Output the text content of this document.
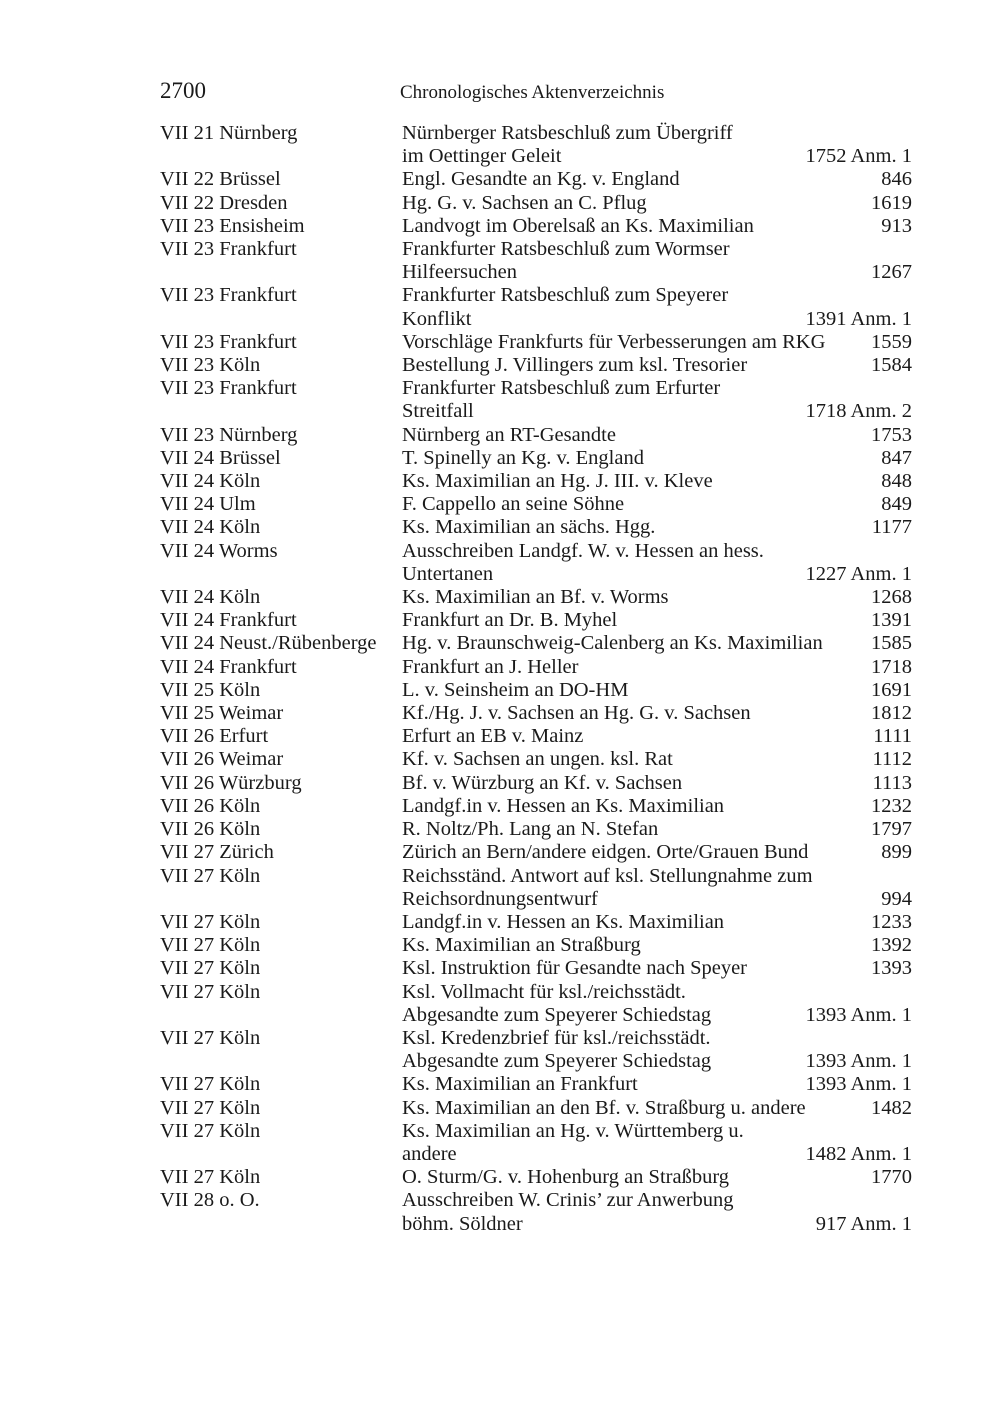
2700	Chronologisches Aktenverzeichnis
VII 21 Nürnberg	Nürnberger Ratsbeschluß zum Übergriff
im Oettinger Geleit	1752 Anm. 1
VII 22 Brüssel	Engl. Gesandte an Kg. v. England	846
VII 22 Dresden	Hg. G. v. Sachsen an C. Pflug	1619
VII 23 Ensisheim	Landvogt im Oberelsaß an Ks. Maximilian	913
VII 23 Frankfurt	Frankfurter Ratsbeschluß zum Wormser
Hilfeersuchen	1267
VII 23 Frankfurt	Frankfurter Ratsbeschluß zum Speyerer
Konflikt	1391 Anm. 1
VII 23 Frankfurt	Vorschläge Frankfurts für Verbesserungen am RKG	1559
VII 23 Köln	Bestellung J. Villingers zum ksl. Tresorier	1584
VII 23 Frankfurt	Frankfurter Ratsbeschluß zum Erfurter
Streitfall	1718 Anm. 2
VII 23 Nürnberg	Nürnberg an RT-Gesandte	1753
VII 24 Brüssel	T. Spinelly an Kg. v. England	847
VII 24 Köln	Ks. Maximilian an Hg. J. III. v. Kleve	848
VII 24 Ulm	F. Cappello an seine Söhne	849
VII 24 Köln	Ks. Maximilian an sächs. Hgg.	1177
VII 24 Worms	Ausschreiben Landgf. W. v. Hessen an hess.
Untertanen	1227 Anm. 1
VII 24 Köln	Ks. Maximilian an Bf. v. Worms	1268
VII 24 Frankfurt	Frankfurt an Dr. B. Myhel	1391
VII 24 Neust./Rübenberge	Hg. v. Braunschweig-Calenberg an Ks. Maximilian	1585
VII 24 Frankfurt	Frankfurt an J. Heller	1718
VII 25 Köln	L. v. Seinsheim an DO-HM	1691
VII 25 Weimar	Kf./Hg. J. v. Sachsen an Hg. G. v. Sachsen	1812
VII 26 Erfurt	Erfurt an EB v. Mainz	1111
VII 26 Weimar	Kf. v. Sachsen an ungen. ksl. Rat	1112
VII 26 Würzburg	Bf. v. Würzburg an Kf. v. Sachsen	1113
VII 26 Köln	Landgf.in v. Hessen an Ks. Maximilian	1232
VII 26 Köln	R. Noltz/Ph. Lang an N. Stefan	1797
VII 27 Zürich	Zürich an Bern/andere eidgen. Orte/Grauen Bund	899
VII 27 Köln	Reichsständ. Antwort auf ksl. Stellungnahme zum
Reichsordnungsentwurf	994
VII 27 Köln	Landgf.in v. Hessen an Ks. Maximilian	1233
VII 27 Köln	Ks. Maximilian an Straßburg	1392
VII 27 Köln	Ksl. Instruktion für Gesandte nach Speyer	1393
VII 27 Köln	Ksl. Vollmacht für ksl./reichsstädt.
Abgesandte zum Speyerer Schiedstag	1393 Anm. 1
VII 27 Köln	Ksl. Kredenzbrief für ksl./reichsstädt.
Abgesandte zum Speyerer Schiedstag	1393 Anm. 1
VII 27 Köln	Ks. Maximilian an Frankfurt	1393 Anm. 1
VII 27 Köln	Ks. Maximilian an den Bf. v. Straßburg u. andere	1482
VII 27 Köln	Ks. Maximilian an Hg. v. Württemberg u.
andere	1482 Anm. 1
VII 27 Köln	O. Sturm/G. v. Hohenburg an Straßburg	1770
VII 28 o. O.	Ausschreiben W. Crinis’ zur Anwerbung
böhm. Söldner	917 Anm. 1
